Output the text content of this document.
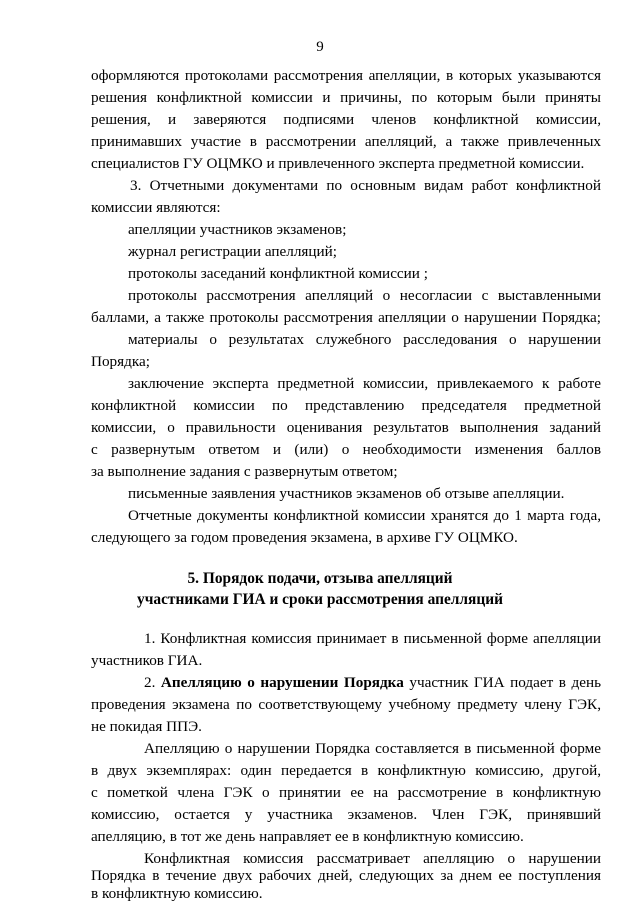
9
оформляются протоколами рассмотрения апелляции, в которых указываются
решения конфликтной комиссии и причины, по которым были приняты
решения, и заверяются подписями членов конфликтной комиссии,
принимавших участие в рассмотрении апелляций, а также привлеченных
специалистов ГУ ОЦМКО и привлеченного эксперта предметной комиссии.
3. Отчетными документами по основным видам работ конфликтной
комиссии являются:
апелляции участников экзаменов;
журнал регистрации апелляций;
протоколы заседаний конфликтной комиссии ;
протоколы рассмотрения апелляций о несогласии с выставленными
баллами, а также протоколы рассмотрения апелляции о нарушении Порядка;
материалы о результатах служебного расследования о нарушении
Порядка;
заключение эксперта предметной комиссии, привлекаемого к работе
конфликтной комиссии по представлению председателя предметной
комиссии, о правильности оценивания результатов выполнения заданий
с развернутым ответом и (или) о необходимости изменения баллов
за выполнение задания с развернутым ответом;
письменные заявления участников экзаменов об отзыве апелляции.
Отчетные документы конфликтной комиссии хранятся до 1 марта года,
следующего за годом проведения экзамена, в архиве ГУ ОЦМКО.
5. Порядок подачи, отзыва апелляций
участниками ГИА и сроки рассмотрения апелляций
1. Конфликтная комиссия принимает в письменной форме апелляции
участников ГИА.
2. Апелляцию о нарушении Порядка участник ГИА подает в день
проведения экзамена по соответствующему учебному предмету члену ГЭК,
не покидая ППЭ.
Апелляцию о нарушении Порядка составляется в письменной форме
в двух экземплярах: один передается в конфликтную комиссию, другой,
с пометкой члена ГЭК о принятии ее на рассмотрение в конфликтную
комиссию, остается у участника экзаменов. Член ГЭК, принявший
апелляцию, в тот же день направляет ее в конфликтную комиссию.
Конфликтная комиссия рассматривает апелляцию о нарушении
Порядка в течение двух рабочих дней, следующих за днем ее поступления
в конфликтную комиссию.
